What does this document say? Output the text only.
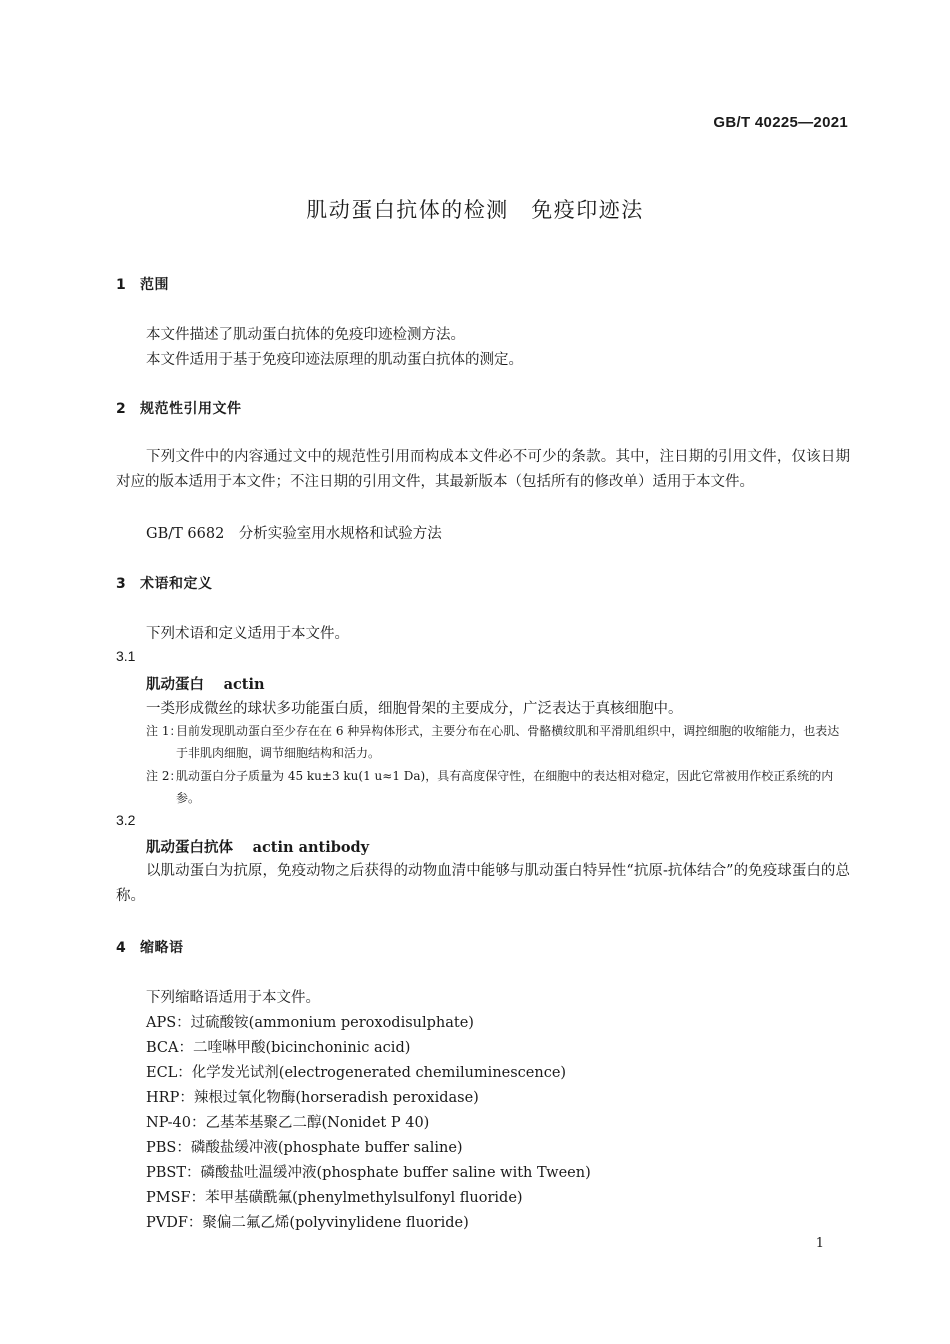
GB/T 40225—2021
肌动蛋白抗体的检测　免疫印迹法
1 范围
本文件描述了肌动蛋白抗体的免疫印迹检测方法。
本文件适用于基于免疫印迹法原理的肌动蛋白抗体的测定。
2 规范性引用文件
下列文件中的内容通过文中的规范性引用而构成本文件必不可少的条款。其中，注日期的引用文件，仅该日期对应的版本适用于本文件；不注日期的引用文件，其最新版本（包括所有的修改单）适用于本文件。
GB/T 6682　分析实验室用水规格和试验方法
3 术语和定义
下列术语和定义适用于本文件。
3.1
肌动蛋白　 actin
一类形成微丝的球状多功能蛋白质，细胞骨架的主要成分，广泛表达于真核细胞中。
注 1：
目前发现肌动蛋白至少存在在 6 种异构体形式，主要分布在心肌、骨骼横纹肌和平滑肌组织中，调控细胞的收缩能力，也表达于非肌肉细胞，调节细胞结构和活力。
注 2：
肌动蛋白分子质量为 45 ku±3 ku(1 u≈1 Da)，具有高度保守性，在细胞中的表达相对稳定，因此它常被用作校正系统的内参。
3.2
肌动蛋白抗体　 actin antibody
以肌动蛋白为抗原，免疫动物之后获得的动物血清中能够与肌动蛋白特异性“抗原-抗体结合”的免疫球蛋白的总称。
4 缩略语
下列缩略语适用于本文件。
APS：过硫酸铵(ammonium peroxodisulphate)
BCA：二喹啉甲酸(bicinchoninic acid)
ECL：化学发光试剂(electrogenerated chemiluminescence)
HRP：辣根过氧化物酶(horseradish peroxidase)
NP-40：乙基苯基聚乙二醇(Nonidet P 40)
PBS：磷酸盐缓冲液(phosphate buffer saline)
PBST：磷酸盐吐温缓冲液(phosphate buffer saline with Tween)
PMSF：苯甲基磺酰氟(phenylmethylsulfonyl fluoride)
PVDF：聚偏二氟乙烯(polyvinylidene fluoride)
1
